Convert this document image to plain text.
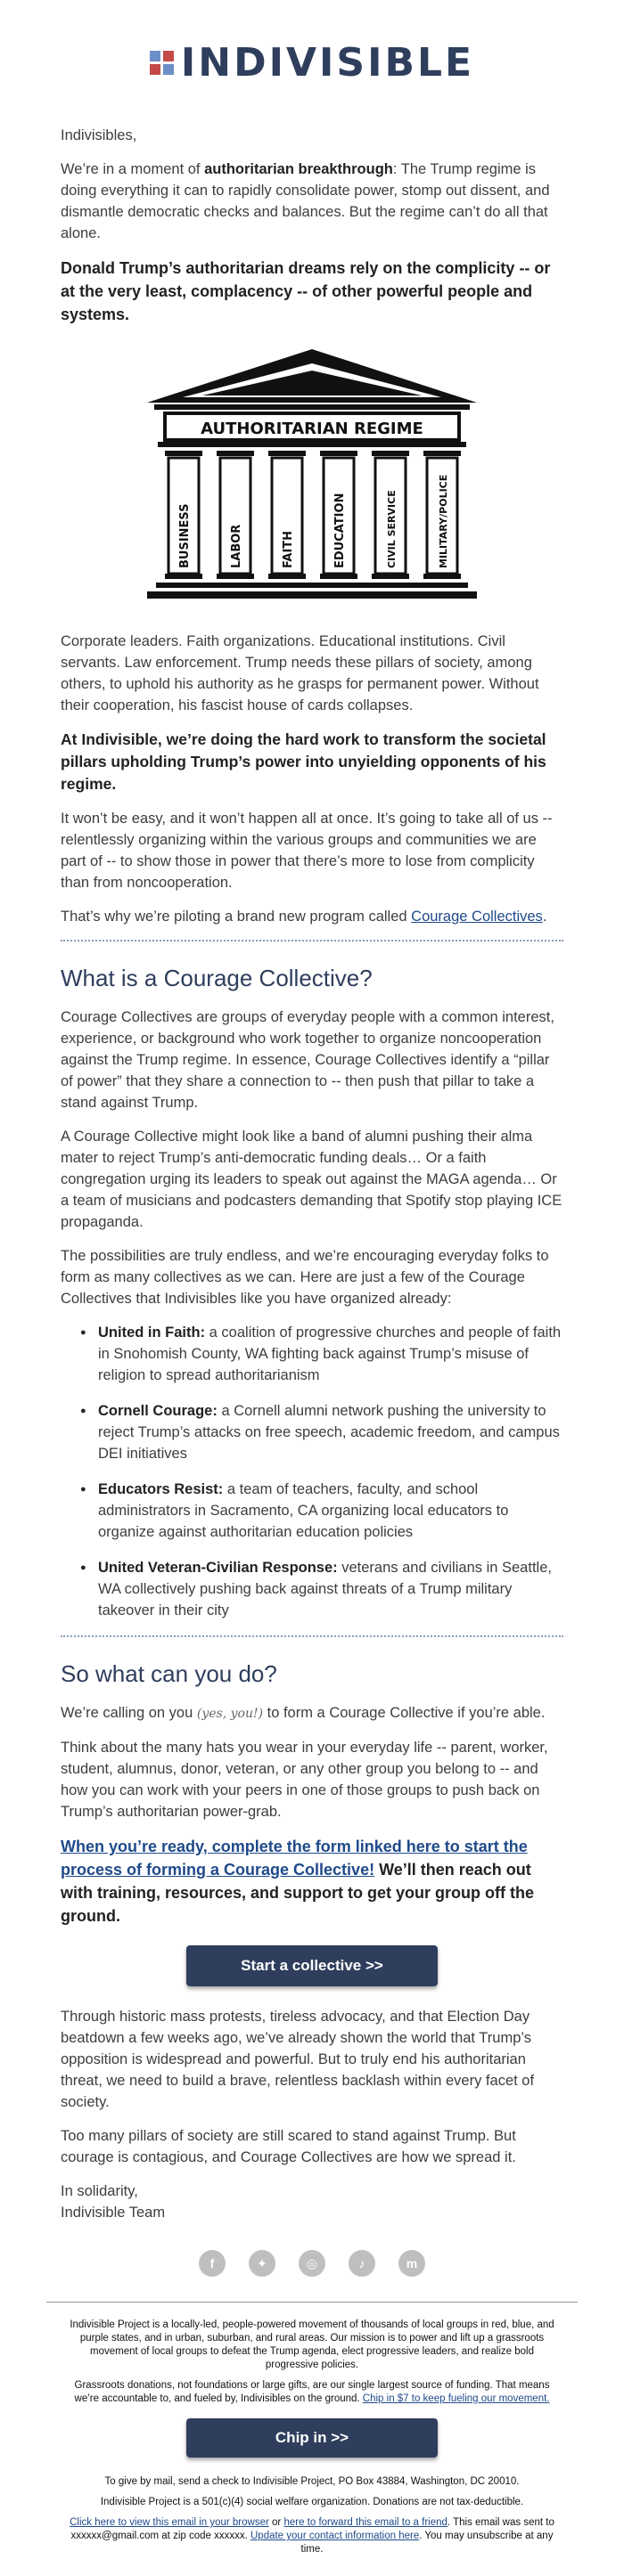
INDIVISIBLE

Indivisibles,

We’re in a moment of authoritarian breakthrough: The Trump regime is doing everything it can to rapidly consolidate power, stomp out dissent, and dismantle democratic checks and balances. But the regime can’t do all that alone.

Donald Trump’s authoritarian dreams rely on the complicity -- or at the very least, complacency -- of other powerful people and systems.
AUTHORITARIAN REGIME
BUSINESS	LABOR	FAITH	EDUCATION	CIVIL SERVICE	MILITARY/POLICE

Corporate leaders. Faith organizations. Educational institutions. Civil servants. Law enforcement. Trump needs these pillars of society, among others, to uphold his authority as he grasps for permanent power. Without their cooperation, his fascist house of cards collapses.

At Indivisible, we’re doing the hard work to transform the societal pillars upholding Trump’s power into unyielding opponents of his regime.

It won’t be easy, and it won’t happen all at once. It’s going to take all of us -- relentlessly organizing within the various groups and communities we are part of -- to show those in power that there’s more to lose from complicity than from noncooperation.

That’s why we’re piloting a brand new program called Courage Collectives.

What is a Courage Collective?

Courage Collectives are groups of everyday people with a common interest, experience, or background who work together to organize noncooperation against the Trump regime. In essence, Courage Collectives identify a “pillar of power” that they share a connection to -- then push that pillar to take a stand against Trump.

A Courage Collective might look like a band of alumni pushing their alma mater to reject Trump’s anti-democratic funding deals… Or a faith congregation urging its leaders to speak out against the MAGA agenda… Or a team of musicians and podcasters demanding that Spotify stop playing ICE propaganda.

The possibilities are truly endless, and we’re encouraging everyday folks to form as many collectives as we can. Here are just a few of the Courage Collectives that Indivisibles like you have organized already:

● United in Faith: a coalition of progressive churches and people of faith in Snohomish County, WA fighting back against Trump’s misuse of religion to spread authoritarianism
● Cornell Courage: a Cornell alumni network pushing the university to reject Trump’s attacks on free speech, academic freedom, and campus DEI initiatives
● Educators Resist: a team of teachers, faculty, and school administrators in Sacramento, CA organizing local educators to organize against authoritarian education policies
● United Veteran-Civilian Response: veterans and civilians in Seattle, WA collectively pushing back against threats of a Trump military takeover in their city
So what can you do?

We’re calling on you (yes, you!) to form a Courage Collective if you’re able.

Think about the many hats you wear in your everyday life -- parent, worker, student, alumnus, donor, veteran, or any other group you belong to -- and how you can work with your peers in one of those groups to push back on Trump’s authoritarian power-grab.

When you’re ready, complete the form linked here to start the process of forming a Courage Collective! We’ll then reach out with training, resources, and support to get your group off the ground.
Start a collective >>

Through historic mass protests, tireless advocacy, and that Election Day beatdown a few weeks ago, we’ve already shown the world that Trump’s opposition is widespread and powerful. But to truly end his authoritarian threat, we need to build a brave, relentless backlash within every facet of society.

Too many pillars of society are still scared to stand against Trump. But courage is contagious, and Courage Collectives are how we spread it.

In solidarity,
Indivisible Team

f	✦	◎	♪	m

Indivisible Project is a locally-led, people-powered movement of thousands of local groups in red, blue, and purple states, and in urban, suburban, and rural areas. Our mission is to power and lift up a grassroots movement of local groups to defeat the Trump agenda, elect progressive leaders, and realize bold progressive policies.

Grassroots donations, not foundations or large gifts, are our single largest source of funding. That means we’re accountable to, and fueled by, Indivisibles on the ground. Chip in $7 to keep fueling our movement.

Chip in >>

To give by mail, send a check to Indivisible Project, PO Box 43884, Washington, DC 20010.

Indivisible Project is a 501(c)(4) social welfare organization. Donations are not tax-deductible.

Click here to view this email in your browser or here to forward this email to a friend. This email was sent to xxxxxx@gmail.com at zip code xxxxxx. Update your contact information here. You may unsubscribe at any time.
